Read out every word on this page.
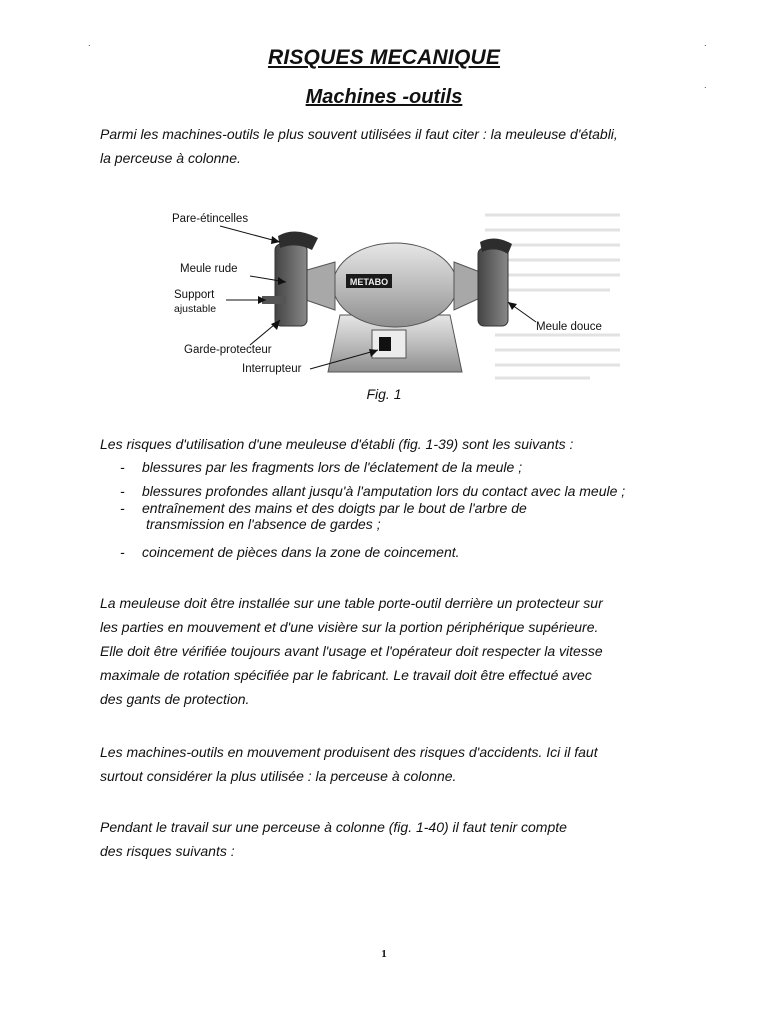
.	.
.
RISQUES MECANIQUE
Machines -outils

Parmi les machines-outils le plus souvent utilisées il faut citer : la meuleuse d'établi,
la perceuse à colonne.

METABO
Pare-étincelles
Meule rude
Support
ajustable
Garde-protecteur
Interrupteur
Meule douce
Fig. 1

Les risques d'utilisation d'une meuleuse d'établi (fig. 1-39) sont les suivants :

- blessures par les fragments lors de l'éclatement de la meule ;
- blessures profondes allant jusqu'à l'amputation lors du contact avec la meule ;
- entraînement des mains et des doigts par le bout de l'arbre de
transmission en l'absence de gardes ;
- coincement de pièces dans la zone de coincement.

La meuleuse doit être installée sur une table porte-outil derrière un protecteur sur
les parties en mouvement et d'une visière sur la portion périphérique supérieure.
Elle doit être vérifiée toujours avant l'usage et l'opérateur doit respecter la vitesse
maximale de rotation spécifiée par le fabricant. Le travail doit être effectué avec
des gants de protection.

Les machines-outils en mouvement produisent des risques d'accidents. Ici il faut
surtout considérer la plus utilisée : la perceuse à colonne.

Pendant le travail sur une perceuse à colonne (fig. 1-40) il faut tenir compte
des risques suivants :

1
